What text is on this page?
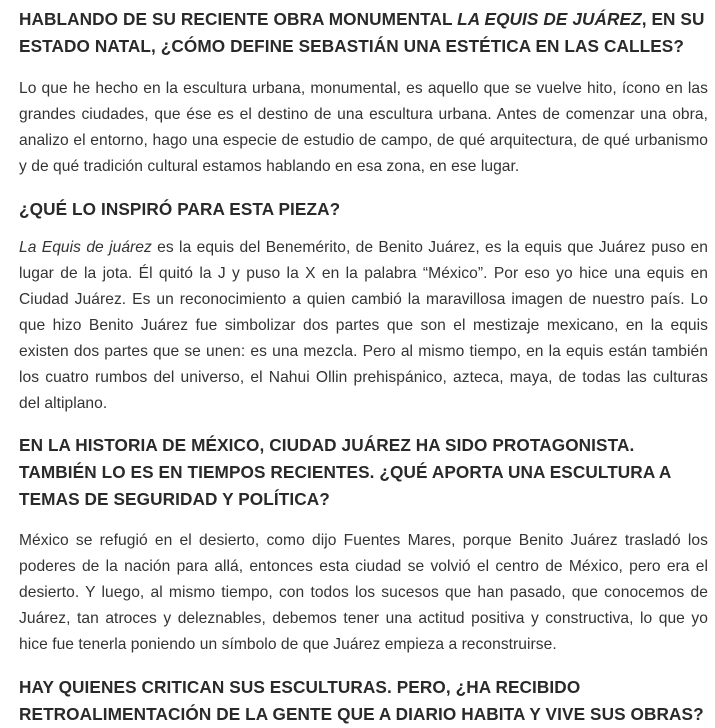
HABLANDO DE SU RECIENTE OBRA MONUMENTAL LA EQUIS DE JUÁREZ, EN SU ESTADO NATAL, ¿CÓMO DEFINE SEBASTIÁN UNA ESTÉTICA EN LAS CALLES?

Lo que he hecho en la escultura urbana, monumental, es aquello que se vuelve hito, ícono en las grandes ciudades, que ése es el destino de una escultura urbana. Antes de comenzar una obra, analizo el entorno, hago una especie de estudio de campo, de qué arquitectura, de qué urbanismo y de qué tradición cultural estamos hablando en esa zona, en ese lugar.

¿QUÉ LO INSPIRÓ PARA ESTA PIEZA?

La Equis de juárez es la equis del Benemérito, de Benito Juárez, es la equis que Juárez puso en lugar de la jota. Él quitó la J y puso la X en la palabra “México”. Por eso yo hice una equis en Ciudad Juárez. Es un reconocimiento a quien cambió la maravillosa imagen de nuestro país. Lo que hizo Benito Juárez fue simbolizar dos partes que son el mestizaje mexicano, en la equis existen dos partes que se unen: es una mezcla. Pero al mismo tiempo, en la equis están también los cuatro rumbos del universo, el Nahui Ollin prehispánico, azteca, maya, de todas las culturas del altiplano.

EN LA HISTORIA DE MÉXICO, CIUDAD JUÁREZ HA SIDO PROTAGONISTA. TAMBIÉN LO ES EN TIEMPOS RECIENTES. ¿QUÉ APORTA UNA ESCULTURA A TEMAS DE SEGURIDAD Y POLÍTICA?

México se refugió en el desierto, como dijo Fuentes Mares, porque Benito Juárez trasladó los poderes de la nación para allá, entonces esta ciudad se volvió el centro de México, pero era el desierto. Y luego, al mismo tiempo, con todos los sucesos que han pasado, que conocemos de Juárez, tan atroces y deleznables, debemos tener una actitud positiva y constructiva, lo que yo hice fue tenerla poniendo un símbolo de que Juárez empieza a reconstruirse.

HAY QUIENES CRITICAN SUS ESCULTURAS. PERO, ¿HA RECIBIDO RETROALIMENTACIÓN DE LA GENTE QUE A DIARIO HABITA Y VIVE SUS OBRAS?
